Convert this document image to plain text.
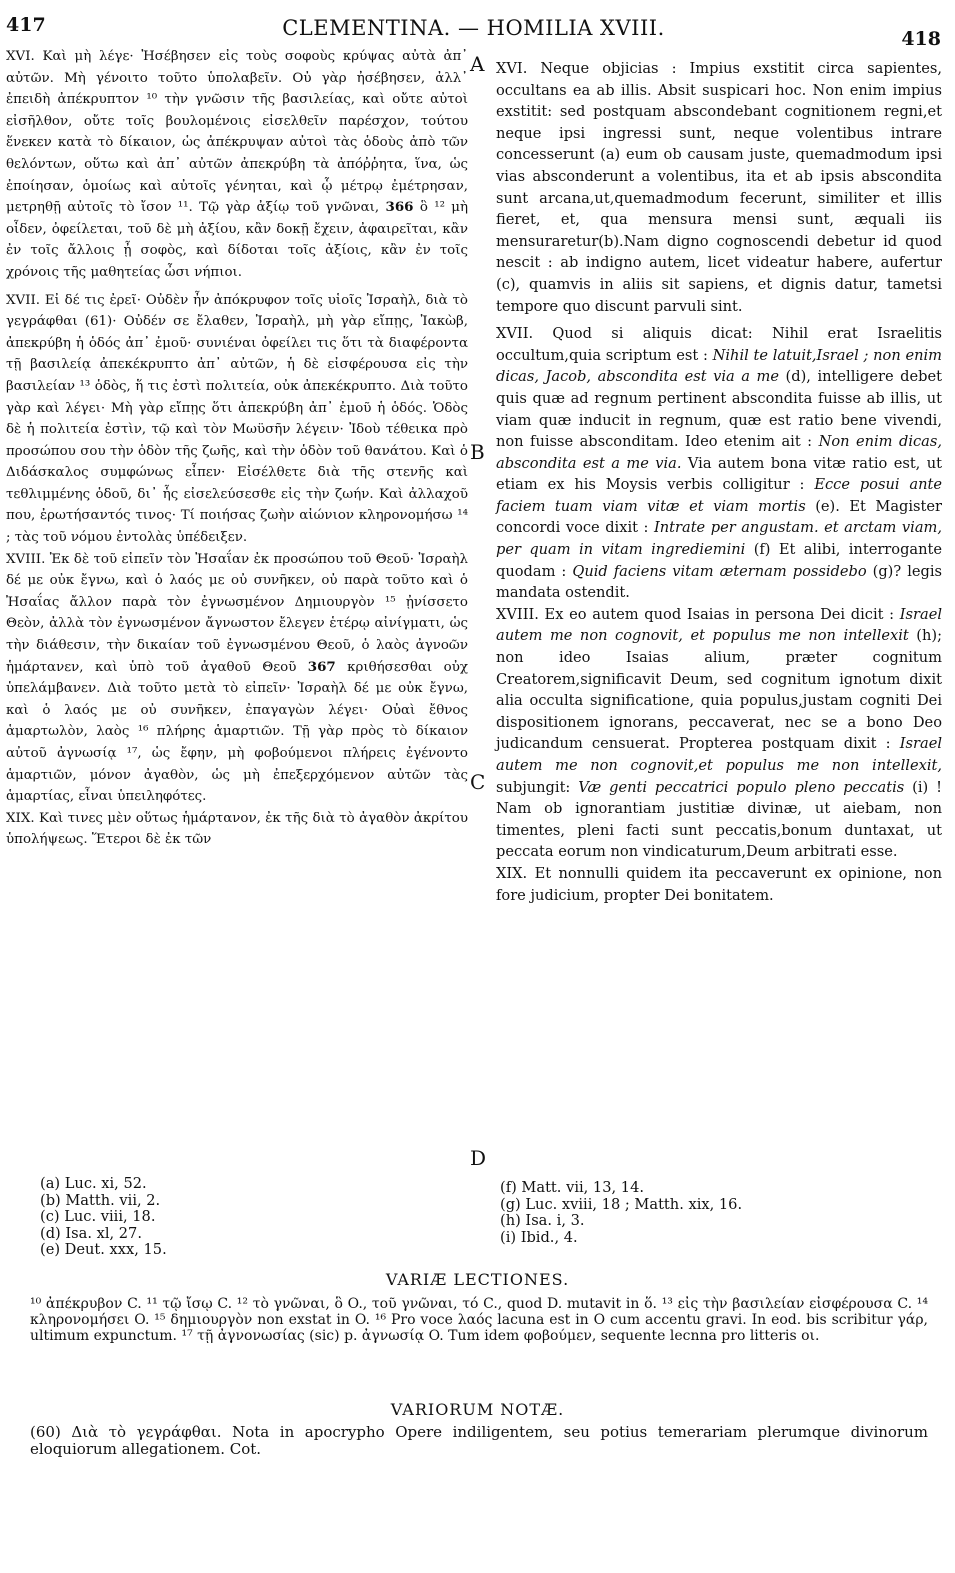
417	CLEMENTINA. — HOMILIA XVIII.	418
A
B
C
D

XVI. Καὶ μὴ λέγε· Ἠσέβησεν εἰς τοὺς σοφοὺς κρύψας αὐτὰ ἀπ᾽ αὐτῶν. Μὴ γένοιτο τοῦτο ὑπολαβεῖν. Οὐ γὰρ ἠσέβησεν, ἀλλ᾽ ἐπειδὴ ἀπέκρυπτον ¹⁰ τὴν γνῶσιν τῆς βασιλείας, καὶ οὔτε αὐτοὶ εἰσῆλθον, οὔτε τοῖς βουλομένοις εἰσελθεῖν παρέσχον, τούτου ἕνεκεν κατὰ τὸ δίκαιον, ὡς ἀπέκρυψαν αὐτοὶ τὰς ὁδοὺς ἀπὸ τῶν θελόντων, οὕτω καὶ ἀπ᾽ αὐτῶν ἀπεκρύβη τὰ ἀπόῤῥητα, ἵνα, ὡς ἐποίησαν, ὁμοίως καὶ αὐτοῖς γένηται, καὶ ᾧ μέτρῳ ἐμέτρησαν, μετρηθῇ αὐτοῖς τὸ ἴσον ¹¹. Τῷ γὰρ ἀξίῳ τοῦ γνῶναι, 366 ὃ ¹² μὴ οἶδεν, ὀφείλεται, τοῦ δὲ μὴ ἀξίου, κἂν δοκῇ ἔχειν, ἀφαιρεῖται, κἂν ἐν τοῖς ἄλλοις ᾖ σοφὸς, καὶ δίδοται τοῖς ἀξίοις, κἂν ἐν τοῖς χρόνοις τῆς μαθητείας ὦσι νήπιοι.

XVII. Εἰ δέ τις ἐρεῖ· Οὐδὲν ἦν ἀπόκρυφον τοῖς υἱοῖς Ἰσραὴλ, διὰ τὸ γεγράφθαι (61)· Οὐδέν σε ἔλαθεν, Ἰσραὴλ, μὴ γὰρ εἴπῃς, Ἰακὼβ, ἀπεκρύβη ἡ ὁδός ἀπ᾽ ἐμοῦ· συνιέναι ὀφείλει τις ὅτι τὰ διαφέροντα τῇ βασιλείᾳ ἀπεκέκρυπτο ἀπ᾽ αὐτῶν, ἡ δὲ εἰσφέρουσα εἰς τὴν βασιλείαν ¹³ ὁδὸς, ἥ τις ἐστὶ πολιτεία, οὐκ ἀπεκέκρυπτο. Διὰ τοῦτο γὰρ καὶ λέγει· Μὴ γὰρ εἴπῃς ὅτι ἀπεκρύβη ἀπ᾽ ἐμοῦ ἡ ὁδός. Ὁδὸς δὲ ἡ πολιτεία ἐστὶν, τῷ καὶ τὸν Μωϋσῆν λέγειν· Ἰδοὺ τέθεικα πρὸ προσώπου σου τὴν ὁδὸν τῆς ζωῆς, καὶ τὴν ὁδὸν τοῦ θανάτου. Καὶ ὁ Διδάσκαλος συμφώνως εἶπεν· Εἰσέλθετε διὰ τῆς στενῆς καὶ τεθλιμμένης ὁδοῦ, δι᾽ ἧς εἰσελεύσεσθε εἰς τὴν ζωήν. Καὶ ἀλλαχοῦ που, ἐρωτήσαντός τινος· Τί ποιήσας ζωὴν αἰώνιον κληρονομήσω ¹⁴ ; τὰς τοῦ νόμου ἐντολὰς ὑπέδειξεν.

XVIII. Ἐκ δὲ τοῦ εἰπεῖν τὸν Ἠσαΐαν ἐκ προσώπου τοῦ Θεοῦ· Ἰσραὴλ δέ με οὐκ ἔγνω, καὶ ὁ λαός με οὐ συνῆκεν, οὐ παρὰ τοῦτο καὶ ὁ Ἠσαΐας ἄλλον παρὰ τὸν ἐγνωσμένον Δημιουργὸν ¹⁵ ᾐνίσσετο Θεὸν, ἀλλὰ τὸν ἐγνωσμένον ἄγνωστον ἔλεγεν ἑτέρῳ αἰνίγματι, ὡς τὴν διάθεσιν, τὴν δικαίαν τοῦ ἐγνωσμένου Θεοῦ, ὁ λαὸς ἀγνοῶν ἡμάρτανεν, καὶ ὑπὸ τοῦ ἀγαθοῦ Θεοῦ 367 κριθήσεσθαι οὐχ ὑπελάμβανεν. Διὰ τοῦτο μετὰ τὸ εἰπεῖν· Ἰσραὴλ δέ με οὐκ ἔγνω, καὶ ὁ λαός με οὐ συνῆκεν, ἐπαγαγὼν λέγει· Οὐαὶ ἔθνος ἁμαρτωλὸν, λαὸς ¹⁶ πλήρης ἁμαρτιῶν. Τῇ γὰρ πρὸς τὸ δίκαιον αὐτοῦ ἀγνωσίᾳ ¹⁷, ὡς ἔφην, μὴ φοβούμενοι πλήρεις ἐγένοντο ἁμαρτιῶν, μόνον ἀγαθὸν, ὡς μὴ ἐπεξερχόμενον αὐτῶν τὰς ἁμαρτίας, εἶναι ὑπειληφότες.

XIX. Καὶ τινες μὲν οὕτως ἡμάρτανον, ἐκ τῆς διὰ τὸ ἀγαθὸν ἀκρίτου ὑπολήψεως. Ἕτεροι δὲ ἐκ τῶν

XVI. Neque objicias : Impius exstitit circa sapientes, occultans ea ab illis. Absit suspicari hoc. Non enim impius exstitit: sed postquam abscondebant cognitionem regni,et neque ipsi ingressi sunt, neque volentibus intrare concesserunt (a) eum ob causam juste, quemadmodum ipsi vias absconderunt a volentibus, ita et ab ipsis abscondita sunt arcana,ut,quemadmodum fecerunt, similiter et illis fieret, et, qua mensura mensi sunt, æquali iis mensuraretur(b).Nam digno cognoscendi debetur id quod nescit : ab indigno autem, licet videatur habere, aufertur (c), quamvis in aliis sit sapiens, et dignis datur, tametsi tempore quo discunt parvuli sint.

XVII. Quod si aliquis dicat: Nihil erat Israelitis occultum,quia scriptum est : Nihil te latuit,Israel ; non enim dicas, Jacob, abscondita est via a me (d), intelligere debet quis quæ ad regnum pertinent abscondita fuisse ab illis, ut viam quæ inducit in regnum, quæ est ratio bene vivendi, non fuisse absconditam. Ideo etenim ait : Non enim dicas, abscondita est a me via. Via autem bona vitæ ratio est, ut etiam ex his Moysis verbis colligitur : Ecce posui ante faciem tuam viam vitæ et viam mortis (e). Et Magister concordi voce dixit : Intrate per angustam. et arctam viam, per quam in vitam ingrediemini (f) Et alibi, interrogante quodam : Quid faciens vitam æternam possidebo (g)? legis mandata ostendit.

XVIII. Ex eo autem quod Isaias in persona Dei dicit : Israel autem me non cognovit, et populus me non intellexit (h); non ideo Isaias alium, præter cognitum Creatorem,significavit Deum, sed cognitum ignotum dixit alia occulta significatione, quia populus,justam cogniti Dei dispositionem ignorans, peccaverat, nec se a bono Deo judicandum censuerat. Propterea postquam dixit : Israel autem me non cognovit,et populus me non intellexit, subjungit: Væ genti peccatrici populo pleno peccatis (i) ! Nam ob ignorantiam justitiæ divinæ, ut aiebam, non timentes, pleni facti sunt peccatis,bonum duntaxat, ut peccata eorum non vindicaturum,Deum arbitrati esse.

XIX. Et nonnulli quidem ita peccaverunt ex opinione, non fore judicium, propter Dei bonitatem.

(a) Luc. xi, 52.
(b) Matth. vii, 2.
(c) Luc. viii, 18.
(d) Isa. xl, 27.
(e) Deut. xxx, 15.
(f) Matt. vii, 13, 14.
(g) Luc. xviii, 18 ; Matth. xix, 16.
(h) Isa. i, 3.
(i) Ibid., 4.
VARIÆ LECTIONES.
¹⁰ ἀπέκρυβον C. ¹¹ τῷ ἴσῳ C. ¹² τὸ γνῶναι, ὃ O., τοῦ γνῶναι, τό C., quod D. mutavit in ὅ. ¹³ εἰς τὴν βασιλείαν εἰσφέρουσα C. ¹⁴ κληρονομήσει O. ¹⁵ δημιουργὸν non exstat in O. ¹⁶ Pro voce λαός lacuna est in O cum accentu gravi. In eod. bis scribitur γάρ, ultimum expunctum. ¹⁷ τῇ ἀγνονωσίας (sic) p. ἀγνωσίᾳ O. Tum idem φοβούμεν, sequente lecnna pro litteris οι.
VARIORUM NOTÆ.
(60) Διὰ τὸ γεγράφθαι. Nota in apocrypho Opere indiligentem, seu potius temerariam plerumque divinorum eloquiorum allegationem. Cot.
